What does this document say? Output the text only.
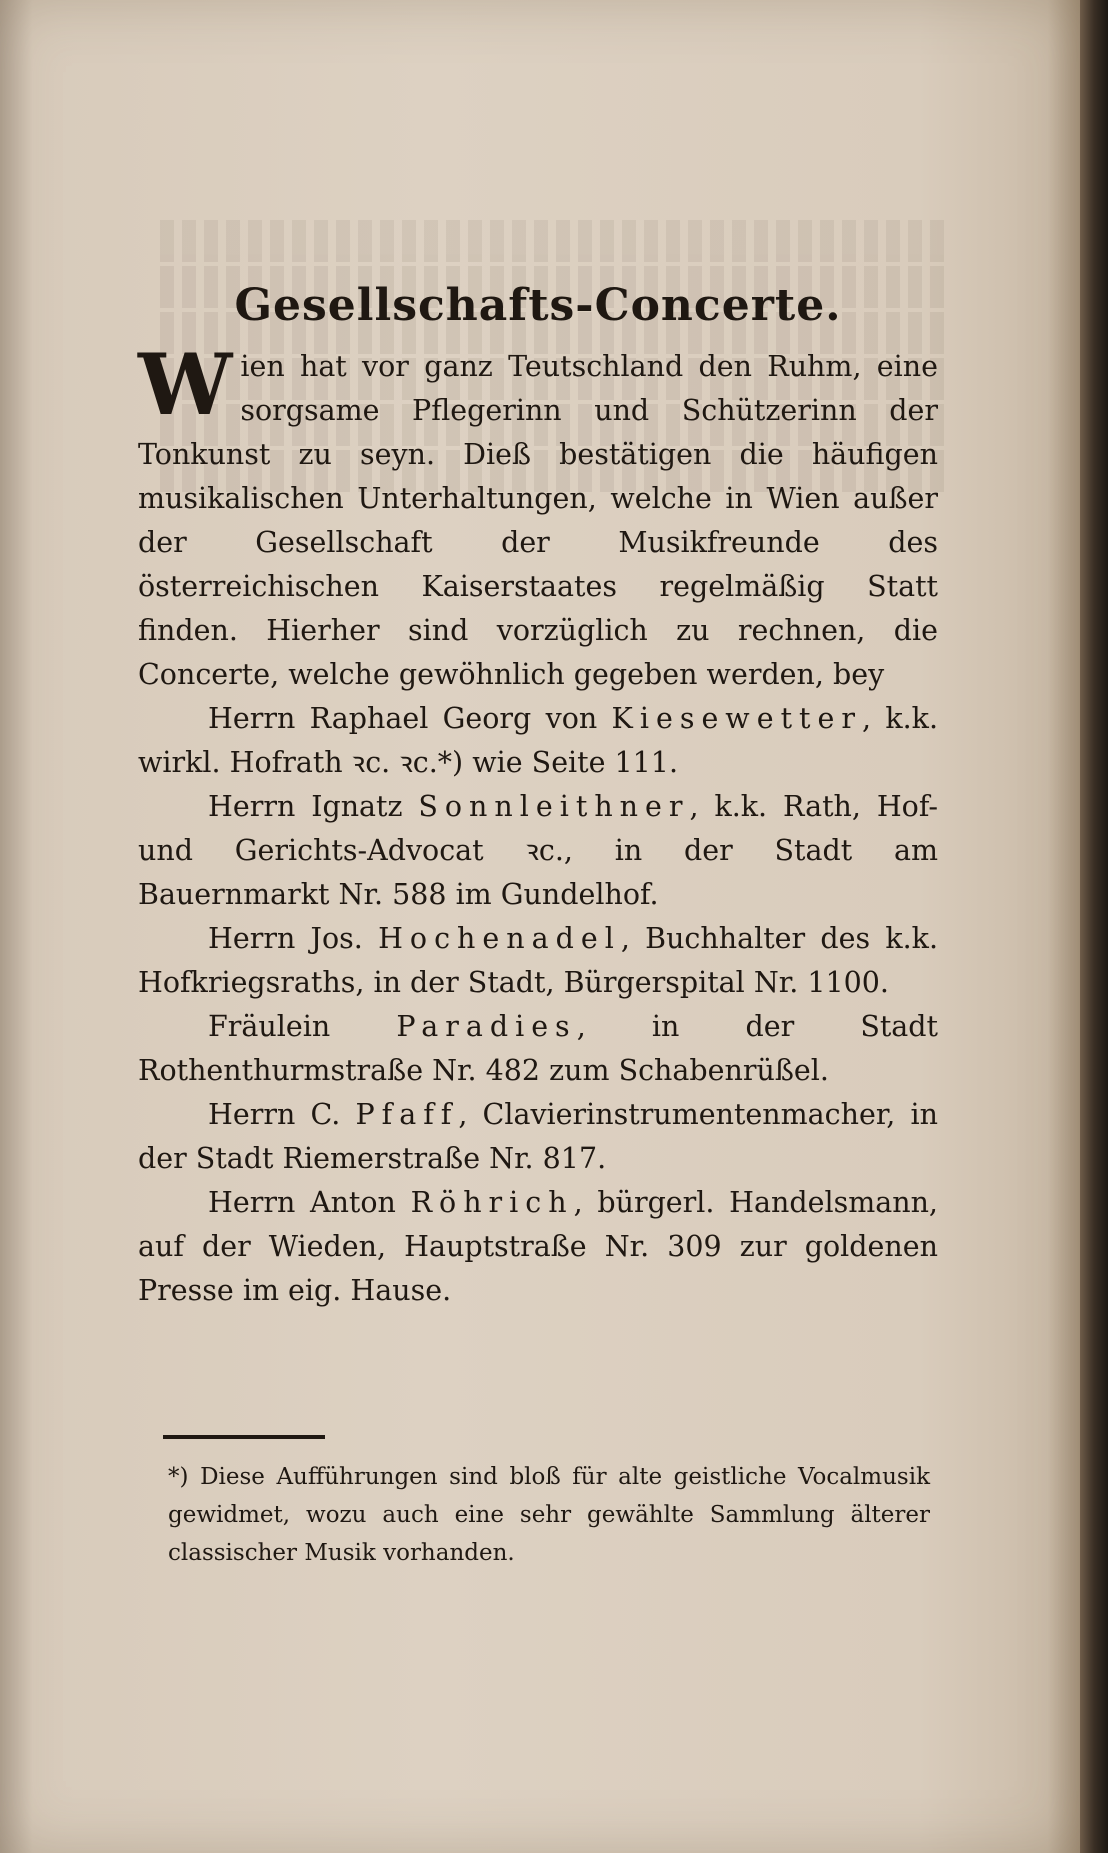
Gesellschafts-Concerte.

Wien hat vor ganz Teutschland den Ruhm, eine sorgsame Pflegerinn und Schützerinn der Tonkunst zu seyn. Dieß bestätigen die häufigen musikalischen Unterhaltungen, welche in Wien außer der Gesellschaft der Musikfreunde des österreichischen Kaiserstaates regelmäßig Statt finden. Hierher sind vorzüglich zu rechnen, die Concerte, welche gewöhnlich gegeben werden, bey

Herrn Raphael Georg von Kiesewetter, k.k. wirkl. Hofrath ꝛc. ꝛc.*) wie Seite 111.

Herrn Ignatz Sonnleithner, k.k. Rath, Hof- und Gerichts-Advocat ꝛc., in der Stadt am Bauernmarkt Nr. 588 im Gundelhof.

Herrn Jos. Hochenadel, Buchhalter des k.k. Hofkriegsraths, in der Stadt, Bürgerspital Nr. 1100.

Fräulein Paradies, in der Stadt Rothenthurmstraße Nr. 482 zum Schabenrüßel.

Herrn C. Pfaff, Clavierinstrumentenmacher, in der Stadt Riemerstraße Nr. 817.

Herrn Anton Röhrich, bürgerl. Handelsmann, auf der Wieden, Hauptstraße Nr. 309 zur goldenen Presse im eig. Hause.

*) Diese Aufführungen sind bloß für alte geistliche Vocalmusik gewidmet, wozu auch eine sehr gewählte Sammlung älterer classischer Musik vorhanden.
